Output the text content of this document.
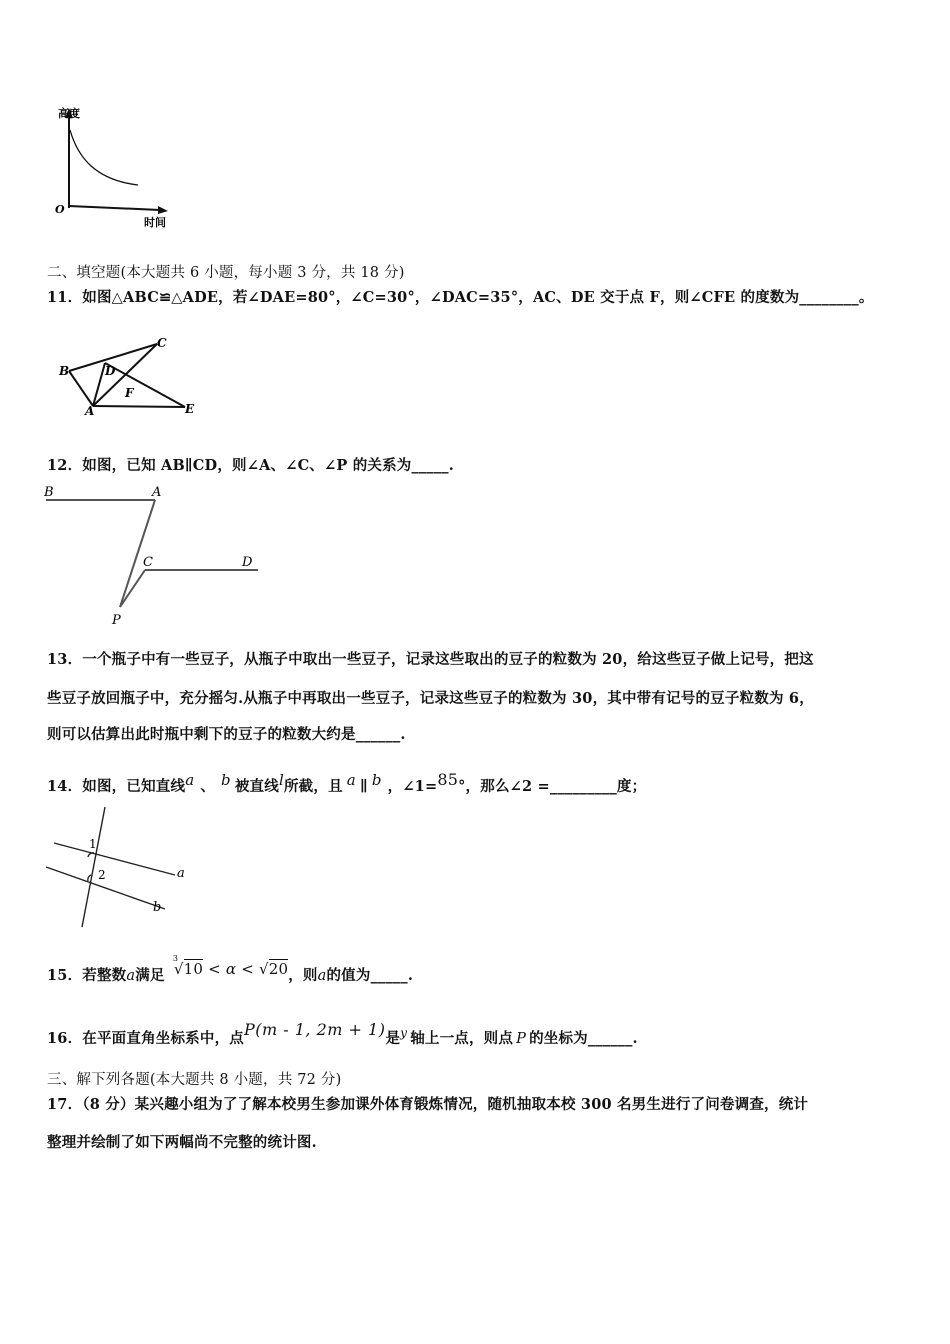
高度
O
时间
二、填空题(本大题共 6 小题，每小题 3 分，共 18 分)
11．如图△ABC≌△ADE，若∠DAE=80°，∠C=30°，∠DAC=35°，AC、DE 交于点 F，则∠CFE 的度数为________。
C
B	D
F
A	E
12．如图，已知 AB∥CD，则∠A、∠C、∠P 的关系为_____.
B	A
C	D
P
13．一个瓶子中有一些豆子，从瓶子中取出一些豆子，记录这些取出的豆子的粒数为 20，给这些豆子做上记号，把这
些豆子放回瓶子中，充分摇匀.从瓶子中再取出一些豆子，记录这些豆子的粒数为 30，其中带有记号的豆子粒数为 6，
则可以估算出此时瓶中剩下的豆子的粒数大约是______.
14．如图，已知直线$^a$ 、 $^b$ 被直线$^l$所截，且 $^a$ ∥ $^b$ ，∠1=$^{85}$°，那么∠2 =_________度；
1
2	a
b
15．若整数a满足
3
√10 < α < √20，则a的值为_____.
16．在平面直角坐标系中，点P(m - 1, 2m + 1)是$^y$ 轴上一点，则点 P 的坐标为______.
三、解下列各题(本大题共 8 小题，共 72 分)
17．（8 分）某兴趣小组为了了解本校男生参加课外体育锻炼情况，随机抽取本校 300 名男生进行了问卷调查，统计
整理并绘制了如下两幅尚不完整的统计图.
